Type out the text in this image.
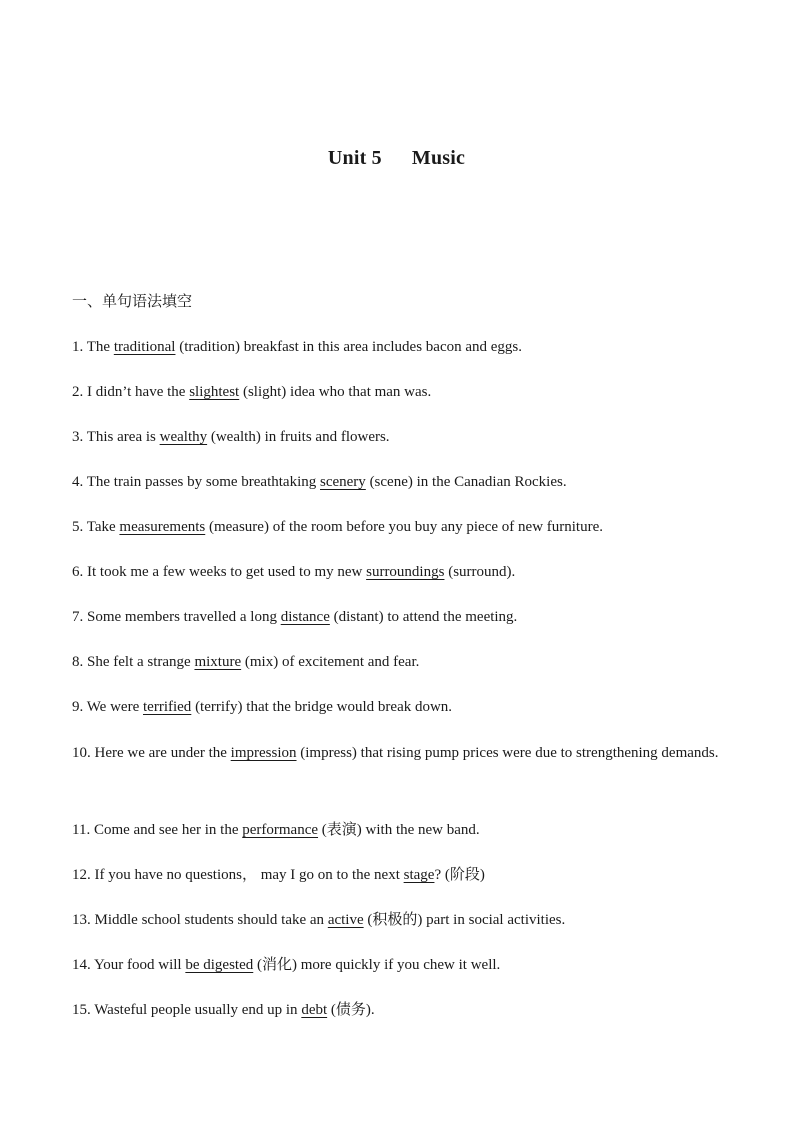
Unit 5 Music
一、单句语法填空
1. The traditional (tradition) breakfast in this area includes bacon and eggs.
2. I didn’t have the slightest (slight) idea who that man was.
3. This area is wealthy (wealth) in fruits and flowers.
4. The train passes by some breathtaking scenery (scene) in the Canadian Rockies.
5. Take measurements (measure) of the room before you buy any piece of new furniture.
6. It took me a few weeks to get used to my new surroundings (surround).
7. Some members travelled a long distance (distant) to attend the meeting.
8. She felt a strange mixture (mix) of excitement and fear.
9. We were terrified (terrify) that the bridge would break down.
10. Here we are under the impression (impress) that rising pump prices were due to strengthening demands.
11. Come and see her in the performance (表演) with the new band.
12. If you have no questions， may I go on to the next stage? (阶段)
13. Middle school students should take an active (积极的) part in social activities.
14. Your food will be digested (消化) more quickly if you chew it well.
15. Wasteful people usually end up in debt (债务).
